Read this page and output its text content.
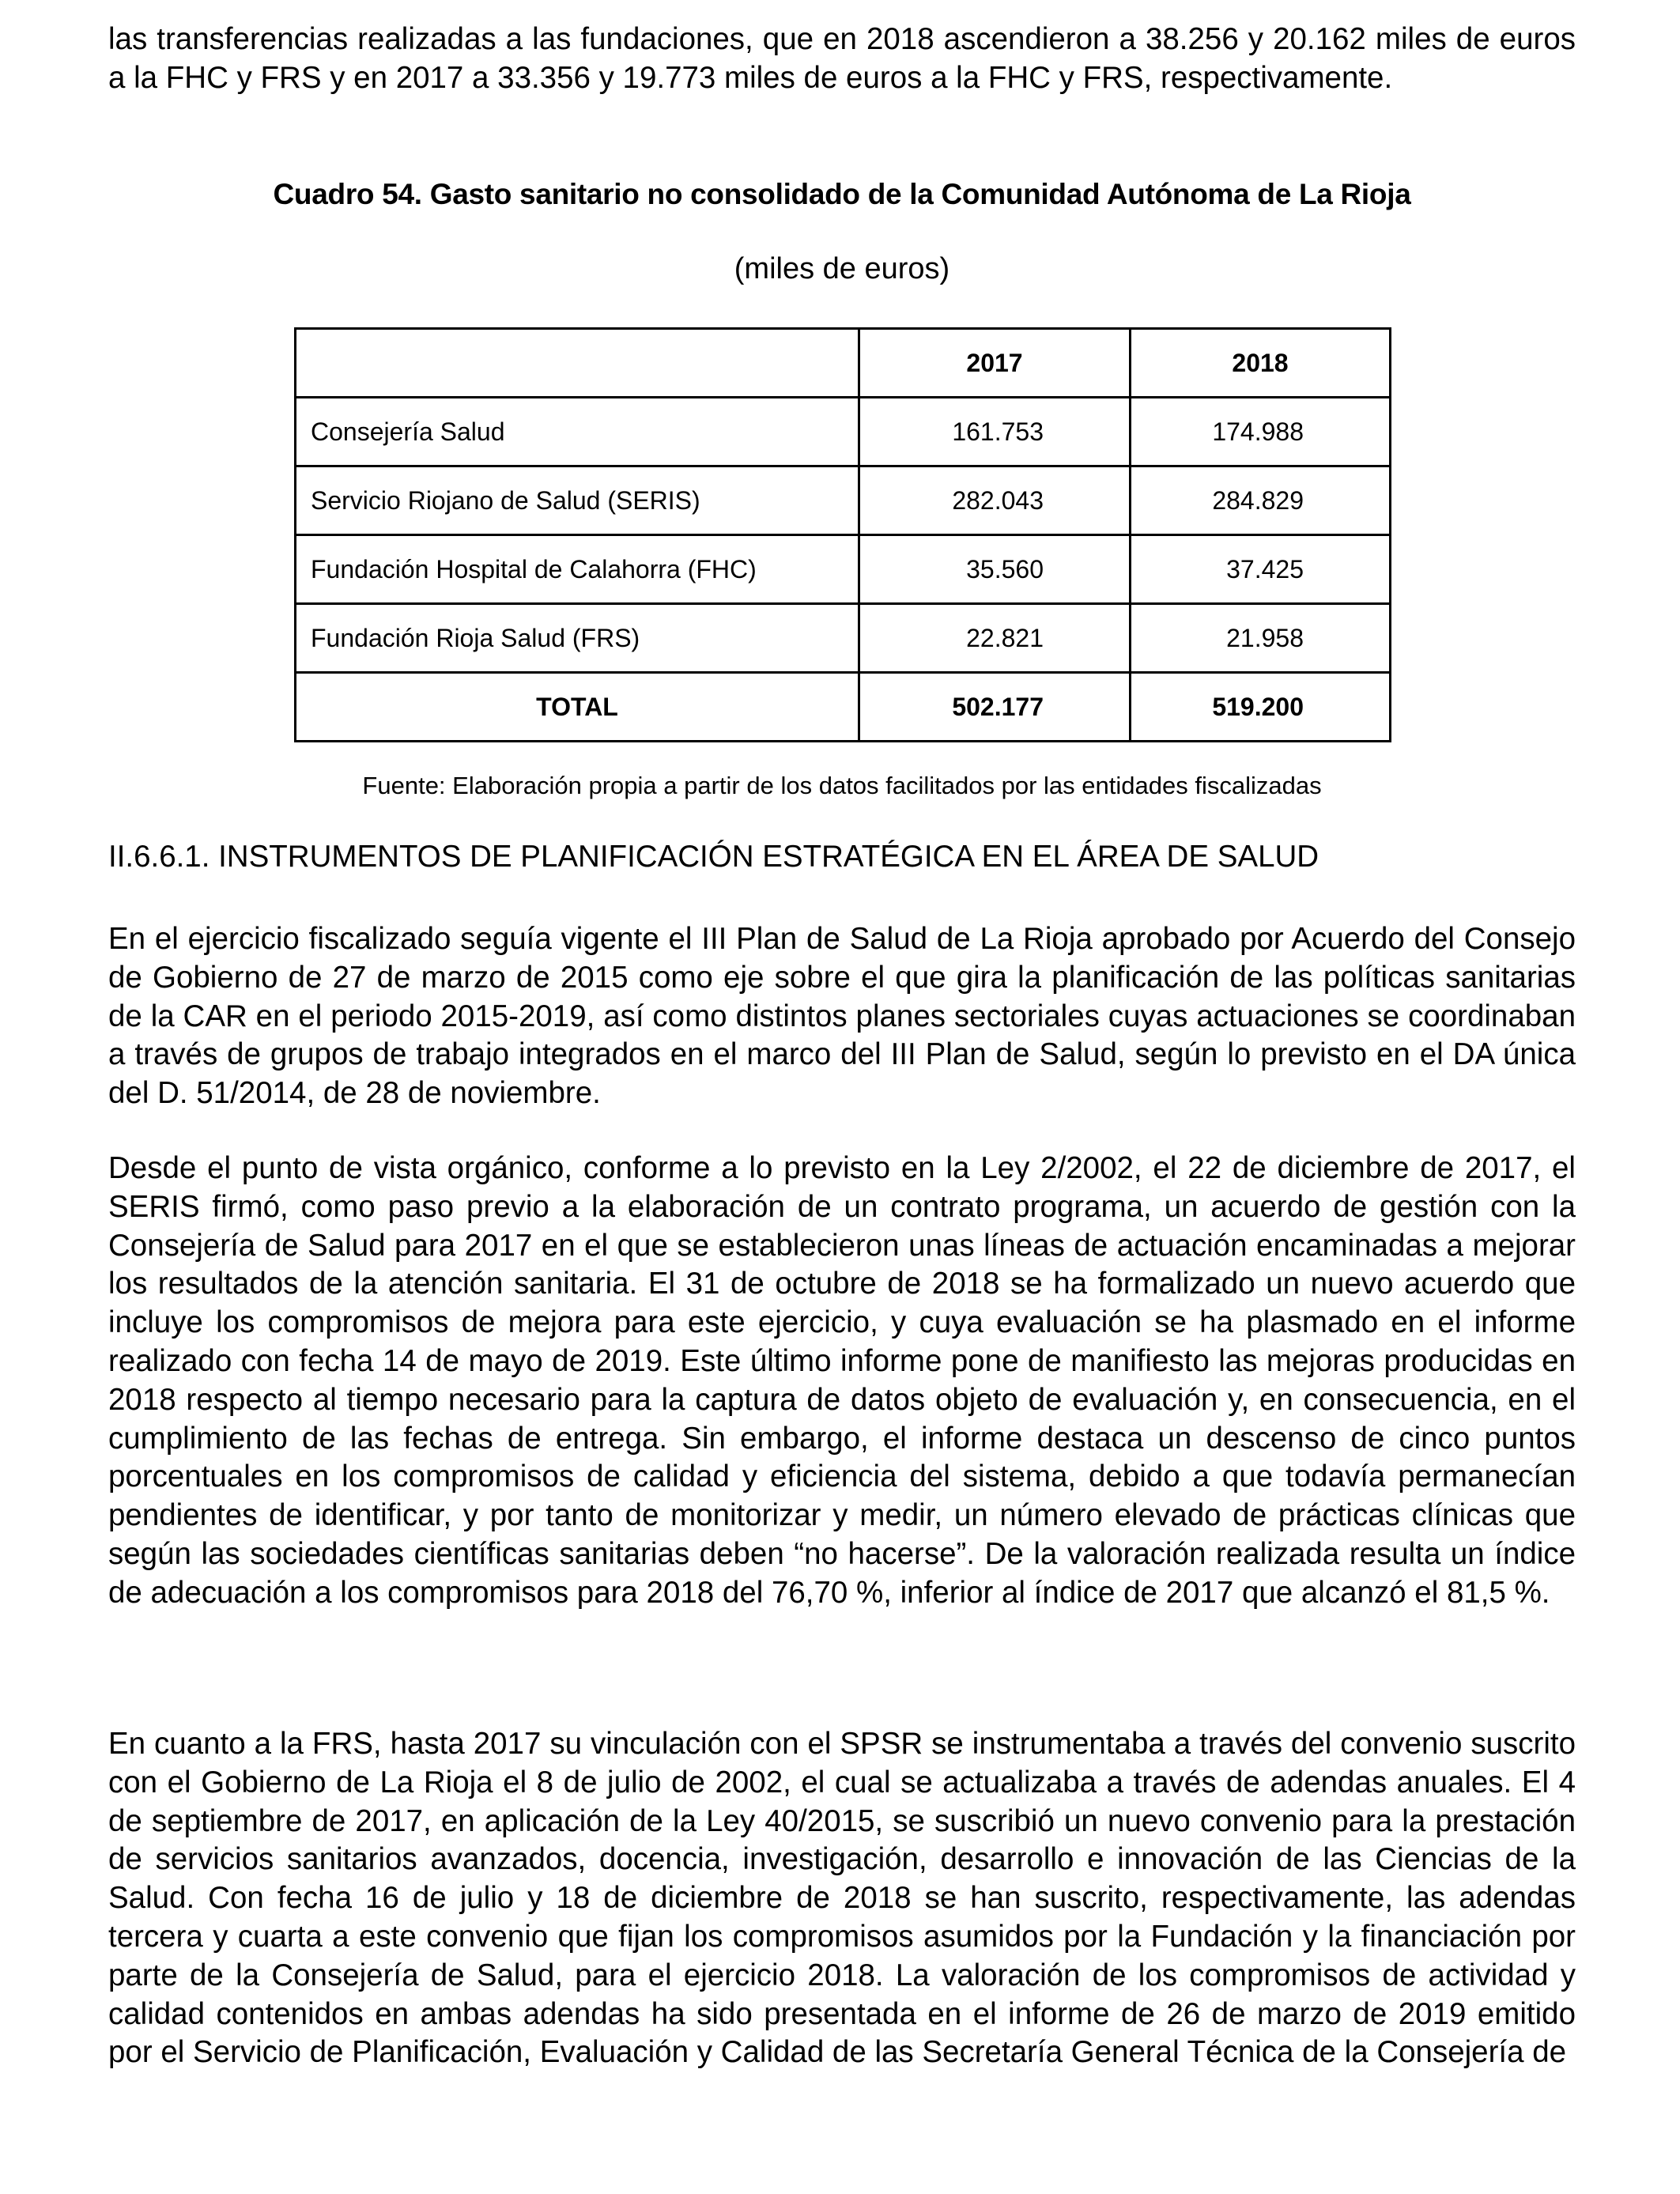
las transferencias realizadas a las fundaciones, que en 2018 ascendieron a 38.256 y 20.162 miles de euros a la FHC y FRS y en 2017 a 33.356 y 19.773 miles de euros a la FHC y FRS, respectivamente.

Cuadro 54. Gasto sanitario no consolidado de la Comunidad Autónoma de La Rioja

(miles de euros)

	2017	2018
Consejería Salud	161.753	174.988
Servicio Riojano de Salud (SERIS)	282.043	284.829
Fundación Hospital de Calahorra (FHC)	35.560	37.425
Fundación Rioja Salud (FRS)	22.821	21.958
TOTAL	502.177	519.200

Fuente: Elaboración propia a partir de los datos facilitados por las entidades fiscalizadas

II.6.6.1. INSTRUMENTOS DE PLANIFICACIÓN ESTRATÉGICA EN EL ÁREA DE SALUD

En el ejercicio fiscalizado seguía vigente el III Plan de Salud de La Rioja aprobado por Acuerdo del Consejo de Gobierno de 27 de marzo de 2015 como eje sobre el que gira la planificación de las políticas sanitarias de la CAR en el periodo 2015-2019, así como distintos planes sectoriales cuyas actuaciones se coordinaban a través de grupos de trabajo integrados en el marco del III Plan de Salud, según lo previsto en el DA única del D. 51/2014, de 28 de noviembre.

Desde el punto de vista orgánico, conforme a lo previsto en la Ley 2/2002, el 22 de diciembre de 2017, el SERIS firmó, como paso previo a la elaboración de un contrato programa, un acuerdo de gestión con la Consejería de Salud para 2017 en el que se establecieron unas líneas de actuación encaminadas a mejorar los resultados de la atención sanitaria. El 31 de octubre de 2018 se ha formalizado un nuevo acuerdo que incluye los compromisos de mejora para este ejercicio, y cuya evaluación se ha plasmado en el informe realizado con fecha 14 de mayo de 2019. Este último informe pone de manifiesto las mejoras producidas en 2018 respecto al tiempo necesario para la captura de datos objeto de evaluación y, en consecuencia, en el cumplimiento de las fechas de entrega. Sin embargo, el informe destaca un descenso de cinco puntos porcentuales en los compromisos de calidad y eficiencia del sistema, debido a que todavía permanecían pendientes de identificar, y por tanto de monitorizar y medir, un número elevado de prácticas clínicas que según las sociedades científicas sanitarias deben “no hacerse”. De la valoración realizada resulta un índice de adecuación a los compromisos para 2018 del 76,70 %, inferior al índice de 2017 que alcanzó el 81,5 %.

En cuanto a la FRS, hasta 2017 su vinculación con el SPSR se instrumentaba a través del convenio suscrito con el Gobierno de La Rioja el 8 de julio de 2002, el cual se actualizaba a través de adendas anuales. El 4 de septiembre de 2017, en aplicación de la Ley 40/2015, se suscribió un nuevo convenio para la prestación de servicios sanitarios avanzados, docencia, investigación, desarrollo e innovación de las Ciencias de la Salud. Con fecha 16 de julio y 18 de diciembre de 2018 se han suscrito, respectivamente, las adendas tercera y cuarta a este convenio que fijan los compromisos asumidos por la Fundación y la financiación por parte de la Consejería de Salud, para el ejercicio 2018. La valoración de los compromisos de actividad y calidad contenidos en ambas adendas ha sido presentada en el informe de 26 de marzo de 2019 emitido por el Servicio de Planificación, Evaluación y Calidad de las Secretaría General Técnica de la Consejería de
